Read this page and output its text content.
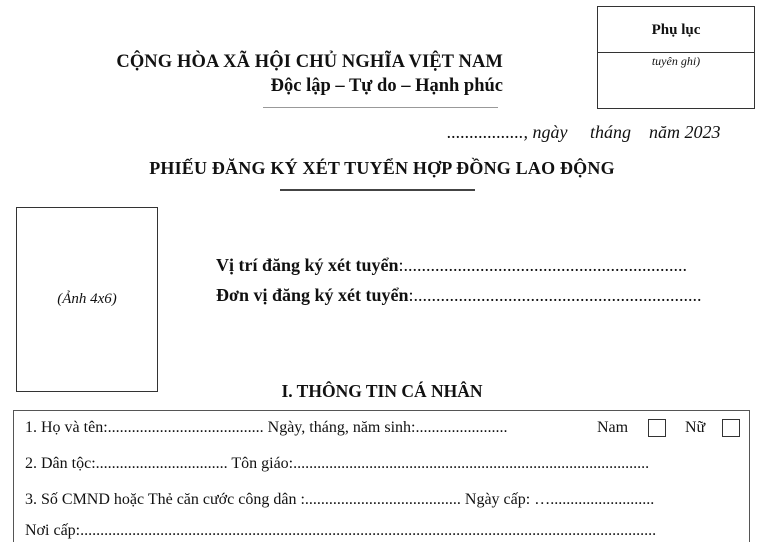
Phụ lục
tuyên ghi)
CỘNG HÒA XÃ HỘI CHỦ NGHĨA VIỆT NAM
Độc lập – Tự do – Hạnh phúc
................., ngày     tháng    năm 2023
PHIẾU ĐĂNG KÝ XÉT TUYỂN HỢP ĐỒNG LAO ĐỘNG
(Ảnh 4x6)
Vị trí đăng ký xét tuyển:...............................................................
Đơn vị đăng ký xét tuyển:................................................................
I. THÔNG TIN CÁ NHÂN
1. Họ và tên:....................................... Ngày, tháng, năm sinh:.......................	Nam	Nữ
2. Dân tộc:................................. Tôn giáo:.........................................................................................
3. Số CMND hoặc Thẻ căn cước công dân :....................................... Ngày cấp: …..........................
Nơi cấp:................................................................................................................................................
